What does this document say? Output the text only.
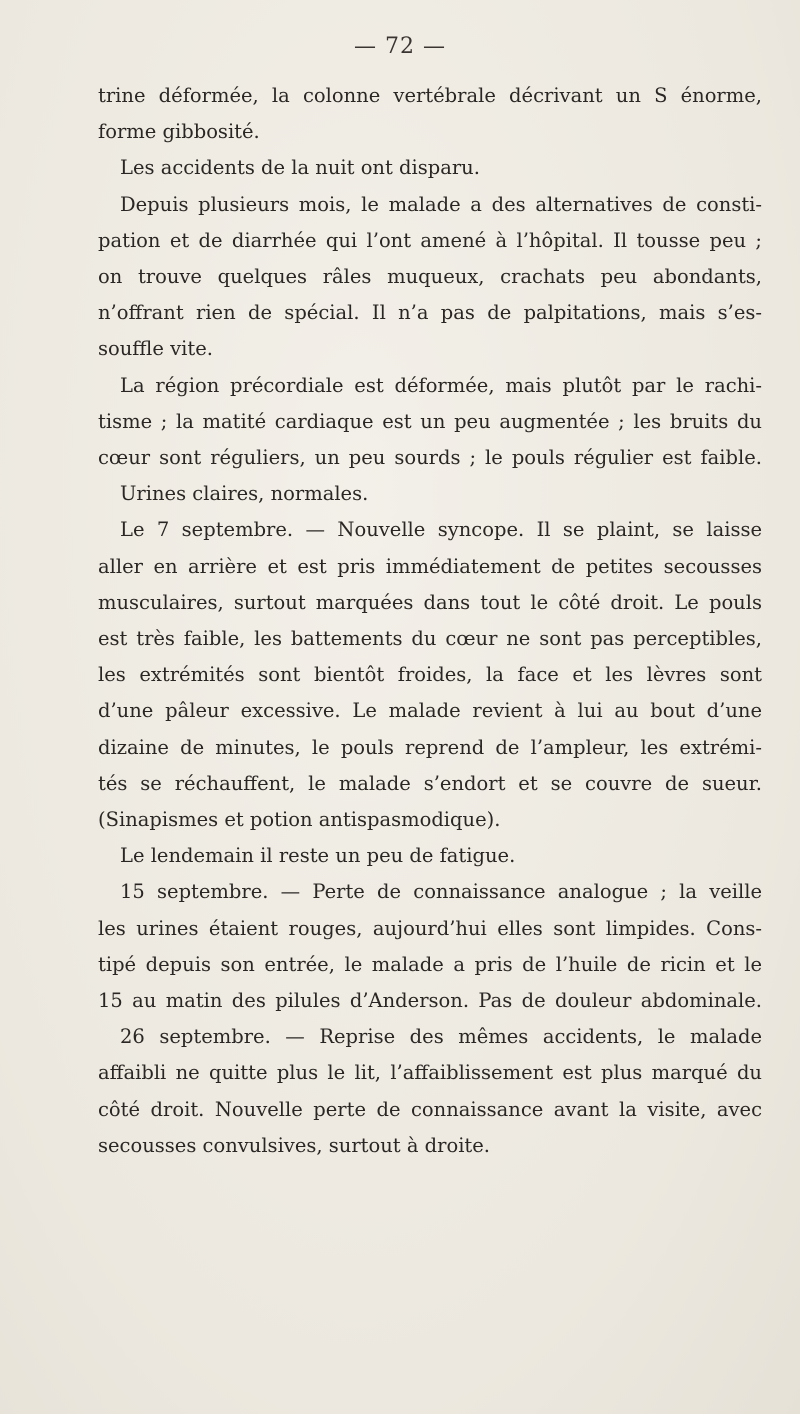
— 72 —
trine déformée, la colonne vertébrale décrivant un S énorme,
forme gibbosité.
Les accidents de la nuit ont disparu.
Depuis plusieurs mois, le malade a des alternatives de consti-
pation et de diarrhée qui l’ont amené à l’hôpital. Il tousse peu ;
on trouve quelques râles muqueux, crachats peu abondants,
n’offrant rien de spécial. Il n’a pas de palpitations, mais s’es-
souffle vite.
La région précordiale est déformée, mais plutôt par le rachi-
tisme ; la matité cardiaque est un peu augmentée ; les bruits du
cœur sont réguliers, un peu sourds ; le pouls régulier est faible.
Urines claires, normales.
Le 7 septembre. — Nouvelle syncope. Il se plaint, se laisse
aller en arrière et est pris immédiatement de petites secousses
musculaires, surtout marquées dans tout le côté droit. Le pouls
est très faible, les battements du cœur ne sont pas perceptibles,
les extrémités sont bientôt froides, la face et les lèvres sont
d’une pâleur excessive. Le malade revient à lui au bout d’une
dizaine de minutes, le pouls reprend de l’ampleur, les extrémi-
tés se réchauffent, le malade s’endort et se couvre de sueur.
(Sinapismes et potion antispasmodique).
Le lendemain il reste un peu de fatigue.
15 septembre. — Perte de connaissance analogue ; la veille
les urines étaient rouges, aujourd’hui elles sont limpides. Cons-
tipé depuis son entrée, le malade a pris de l’huile de ricin et le
15 au matin des pilules d’Anderson. Pas de douleur abdominale.
26 septembre. — Reprise des mêmes accidents, le malade
affaibli ne quitte plus le lit, l’affaiblissement est plus marqué du
côté droit. Nouvelle perte de connaissance avant la visite, avec
secousses convulsives, surtout à droite.
